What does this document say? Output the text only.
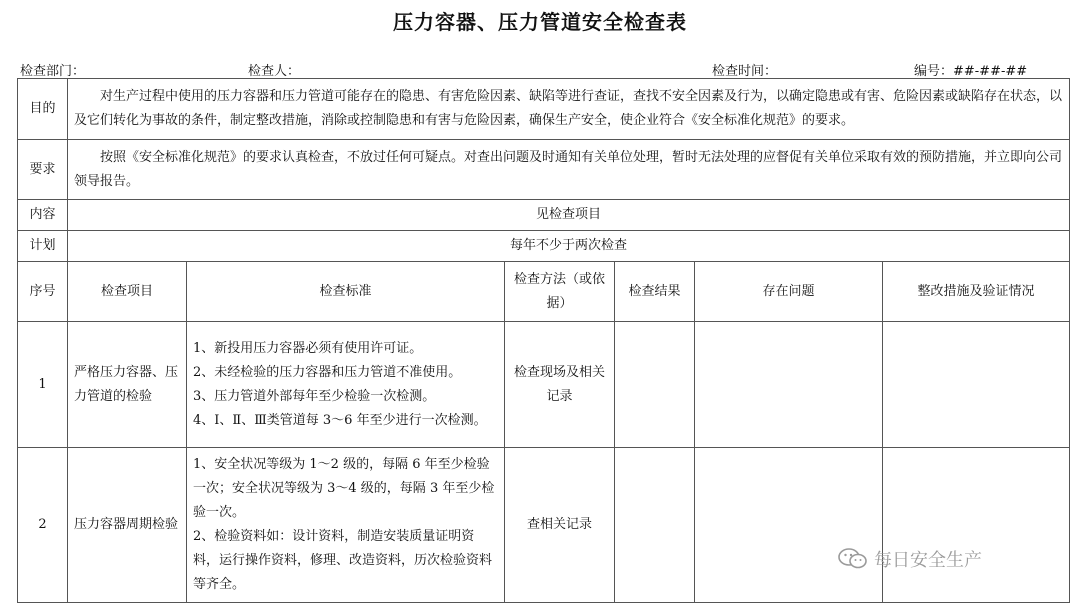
压力容器、压力管道安全检查表
检查部门：	检查人：	检查时间：	编号：##-##-##
目的	对生产过程中使用的压力容器和压力管道可能存在的隐患、有害危险因素、缺陷等进行查证，查找不安全因素及行为，以确定隐患或有害、危险因素或缺陷存在状态，以及它们转化为事故的条件，制定整改措施，消除或控制隐患和有害与危险因素，确保生产安全，使企业符合《安全标准化规范》的要求。					
要求	按照《安全标准化规范》的要求认真检查，不放过任何可疑点。对查出问题及时通知有关单位处理，暂时无法处理的应督促有关单位采取有效的预防措施，并立即向公司领导报告。					
内容	见检查项目					
计划	每年不少于两次检查					
序号	检查项目	检查标准	检查方法（或依据）	检查结果	存在问题	整改措施及验证情况
1	严格压力容器、压力管道的检验	1、新投用压力容器必须有使用许可证。
2、未经检验的压力容器和压力管道不准使用。
3、压力管道外部每年至少检验一次检测。
4、Ⅰ、Ⅱ、Ⅲ类管道每 3～6 年至少进行一次检测。	检查现场及相关记录			
2	压力容器周期检验	1、安全状况等级为 1～2 级的，每隔 6 年至少检验一次；安全状况等级为 3～4 级的，每隔 3 年至少检验一次。
2、检验资料如：设计资料，制造安装质量证明资料，运行操作资料，修理、改造资料，历次检验资料等齐全。	查相关记录			
每日安全生产
